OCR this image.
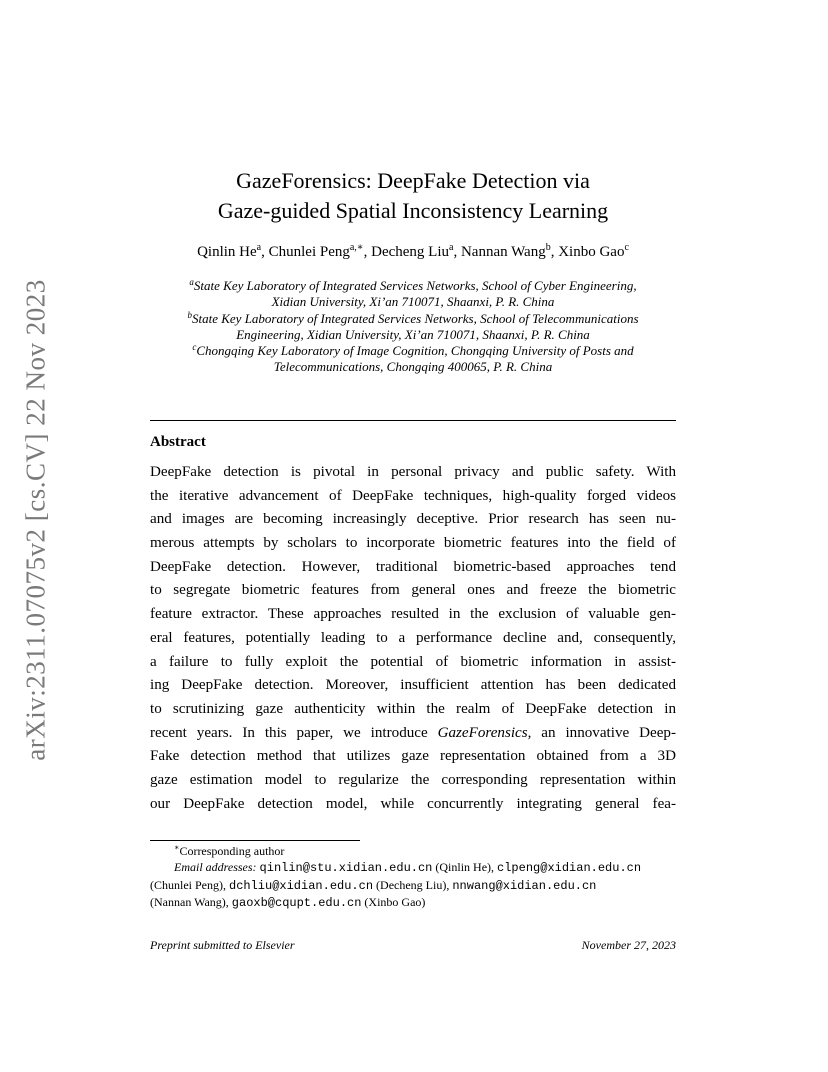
arXiv:2311.07075v2 [cs.CV] 22 Nov 2023
GazeForensics: DeepFake Detection via
Gaze-guided Spatial Inconsistency Learning
Qinlin He$^a$, Chunlei Peng$^{a,∗}$, Decheng Liu$^a$, Nannan Wang$^b$, Xinbo Gao$^c$
$^a$State Key Laboratory of Integrated Services Networks, School of Cyber Engineering,
Xidian University, Xi’an 710071, Shaanxi, P. R. China
$^b$State Key Laboratory of Integrated Services Networks, School of Telecommunications
Engineering, Xidian University, Xi’an 710071, Shaanxi, P. R. China
$^c$Chongqing Key Laboratory of Image Cognition, Chongqing University of Posts and
Telecommunications, Chongqing 400065, P. R. China
Abstract
DeepFake detection is pivotal in personal privacy and public safety. With
the iterative advancement of DeepFake techniques, high-quality forged videos
and images are becoming increasingly deceptive. Prior research has seen nu-
merous attempts by scholars to incorporate biometric features into the field of
DeepFake detection. However, traditional biometric-based approaches tend
to segregate biometric features from general ones and freeze the biometric
feature extractor. These approaches resulted in the exclusion of valuable gen-
eral features, potentially leading to a performance decline and, consequently,
a failure to fully exploit the potential of biometric information in assist-
ing DeepFake detection. Moreover, insufficient attention has been dedicated
to scrutinizing gaze authenticity within the realm of DeepFake detection in
recent years. In this paper, we introduce GazeForensics, an innovative Deep-
Fake detection method that utilizes gaze representation obtained from a 3D
gaze estimation model to regularize the corresponding representation within
our DeepFake detection model, while concurrently integrating general fea-
∗Corresponding author
Email addresses: qinlin@stu.xidian.edu.cn (Qinlin He), clpeng@xidian.edu.cn
(Chunlei Peng), dchliu@xidian.edu.cn (Decheng Liu), nnwang@xidian.edu.cn
(Nannan Wang), gaoxb@cqupt.edu.cn (Xinbo Gao)
Preprint submitted to Elsevier	November 27, 2023
